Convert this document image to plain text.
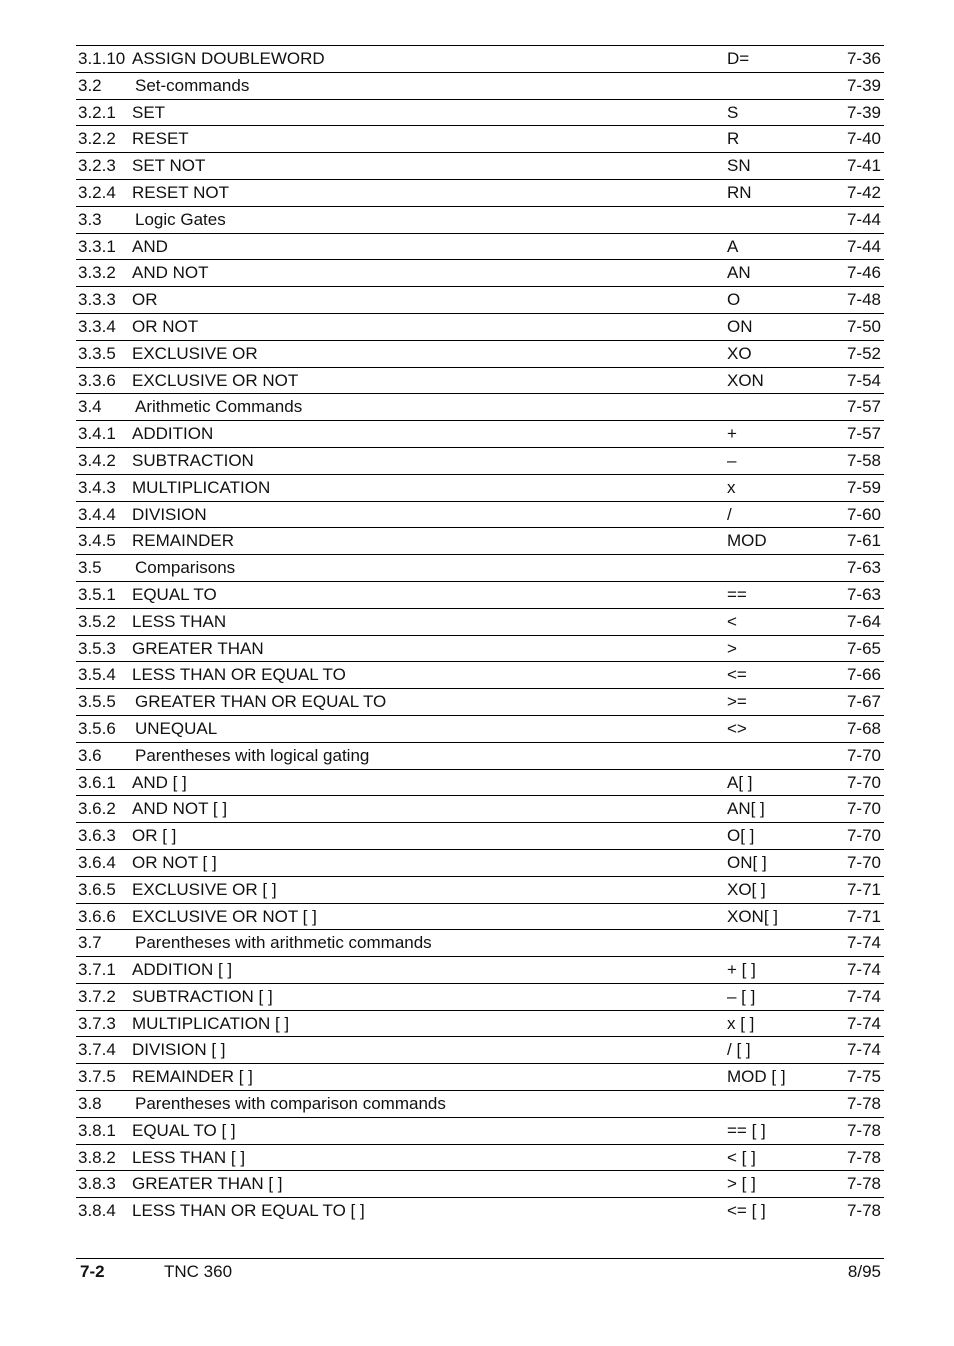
3.1.10 ASSIGN DOUBLEWORD	D=	7-36
3.2 Set-commands	7-39
3.2.1 SET	S	7-39
3.2.2 RESET	R	7-40
3.2.3 SET NOT	SN	7-41
3.2.4 RESET NOT	RN	7-42
3.3 Logic Gates	7-44
3.3.1 AND	A	7-44
3.3.2 AND NOT	AN	7-46
3.3.3 OR	O	7-48
3.3.4 OR NOT	ON	7-50
3.3.5 EXCLUSIVE OR	XO	7-52
3.3.6 EXCLUSIVE OR NOT	XON	7-54
3.4 Arithmetic Commands	7-57
3.4.1 ADDITION	+	7-57
3.4.2 SUBTRACTION	–	7-58
3.4.3 MULTIPLICATION	x	7-59
3.4.4 DIVISION	/	7-60
3.4.5 REMAINDER	MOD	7-61
3.5 Comparisons	7-63
3.5.1 EQUAL TO	==	7-63
3.5.2 LESS THAN	<	7-64
3.5.3 GREATER THAN	>	7-65
3.5.4 LESS THAN OR EQUAL TO	<=	7-66
3.5.5 GREATER THAN OR EQUAL TO	>=	7-67
3.5.6 UNEQUAL	<>	7-68
3.6 Parentheses with logical gating	7-70
3.6.1 AND [ ]	A[ ]	7-70
3.6.2 AND NOT [ ]	AN[ ]	7-70
3.6.3 OR [ ]	O[ ]	7-70
3.6.4 OR NOT [ ]	ON[ ]	7-70
3.6.5 EXCLUSIVE OR [ ]	XO[ ]	7-71
3.6.6 EXCLUSIVE OR NOT [ ]	XON[ ]	7-71
3.7 Parentheses with arithmetic commands	7-74
3.7.1 ADDITION [ ]	+ [ ]	7-74
3.7.2 SUBTRACTION [ ]	– [ ]	7-74
3.7.3 MULTIPLICATION [ ]	x [ ]	7-74
3.7.4 DIVISION [ ]	/ [ ]	7-74
3.7.5 REMAINDER [ ]	MOD [ ]	7-75
3.8 Parentheses with comparison commands	7-78
3.8.1 EQUAL TO [ ]	== [ ]	7-78
3.8.2 LESS THAN [ ]	< [ ]	7-78
3.8.3 GREATER THAN [ ]	> [ ]	7-78
3.8.4 LESS THAN OR EQUAL TO [ ]	<= [ ]	7-78
7-2	TNC 360	8/95
